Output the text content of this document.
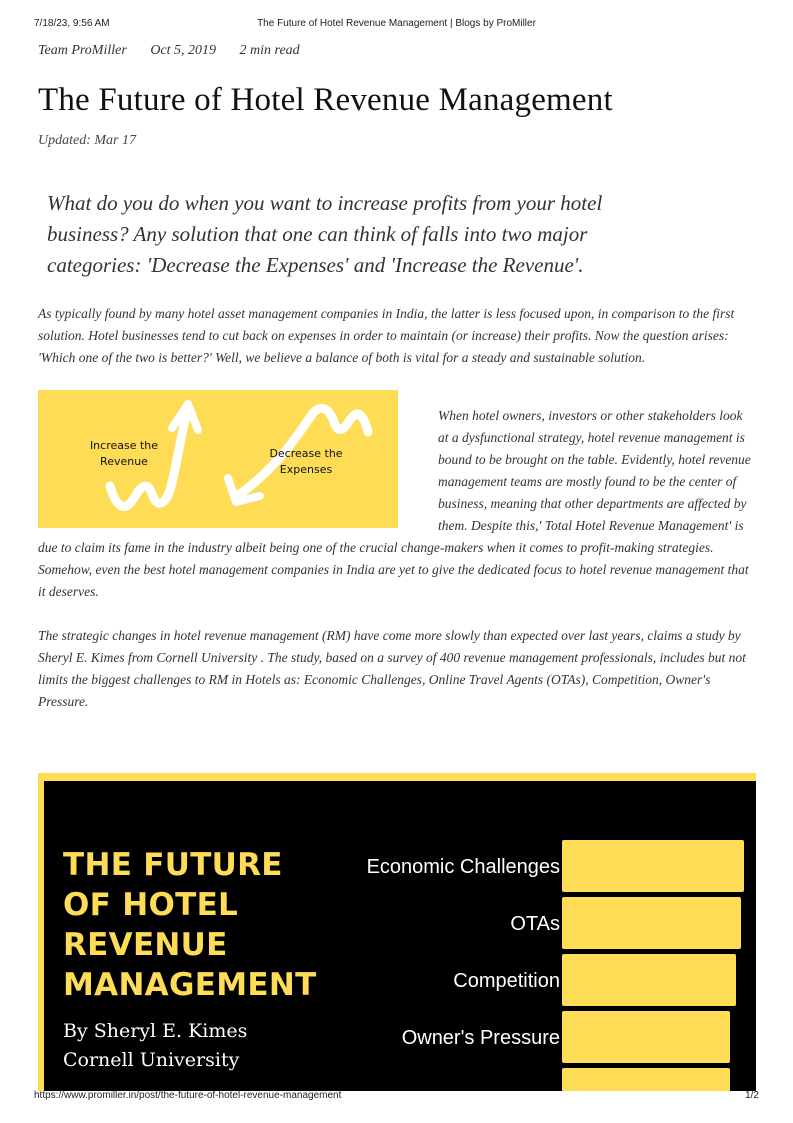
7/18/23, 9:56 AM	The Future of Hotel Revenue Management | Blogs by ProMiller
Team ProMiller Oct 5, 2019 2 min read
The Future of Hotel Revenue Management
Updated: Mar 17
What do you do when you want to increase profits from your hotel business? Any solution that one can think of falls into two major categories: 'Decrease the Expenses' and 'Increase the Revenue'.

As typically found by many hotel asset management companies in India, the latter is less focused upon, in comparison to the first solution. Hotel businesses tend to cut back on expenses in order to maintain (or increase) their profits. Now the question arises: 'Which one of the two is better?' Well, we believe a balance of both is vital for a steady and sustainable solution.

Increase the Revenue
Decrease the Expenses

When hotel owners, investors or other stakeholders look at a dysfunctional strategy, hotel revenue management is bound to be brought on the table. Evidently, hotel revenue management teams are mostly found to be the center of business, meaning that other departments are affected by them. Despite this,' Total Hotel Revenue Management' is due to claim its fame in the industry albeit being one of the crucial change-makers when it comes to profit-making strategies. Somehow, even the best hotel management companies in India are yet to give the dedicated focus to hotel revenue management that it deserves.

The strategic changes in hotel revenue management (RM) have come more slowly than expected over last years, claims a study by Sheryl E. Kimes from Cornell University . The study, based on a survey of 400 revenue management professionals, includes but not limits the biggest challenges to RM in Hotels as: Economic Challenges, Online Travel Agents (OTAs), Competition, Owner's Pressure.

THE FUTURE OF HOTEL REVENUE MANAGEMENT
By Sheryl E. Kimes
Cornell University
Economic Challenges
OTAs
Competition
Owner's Pressure
https://www.promiller.in/post/the-future-of-hotel-revenue-management	1/2
